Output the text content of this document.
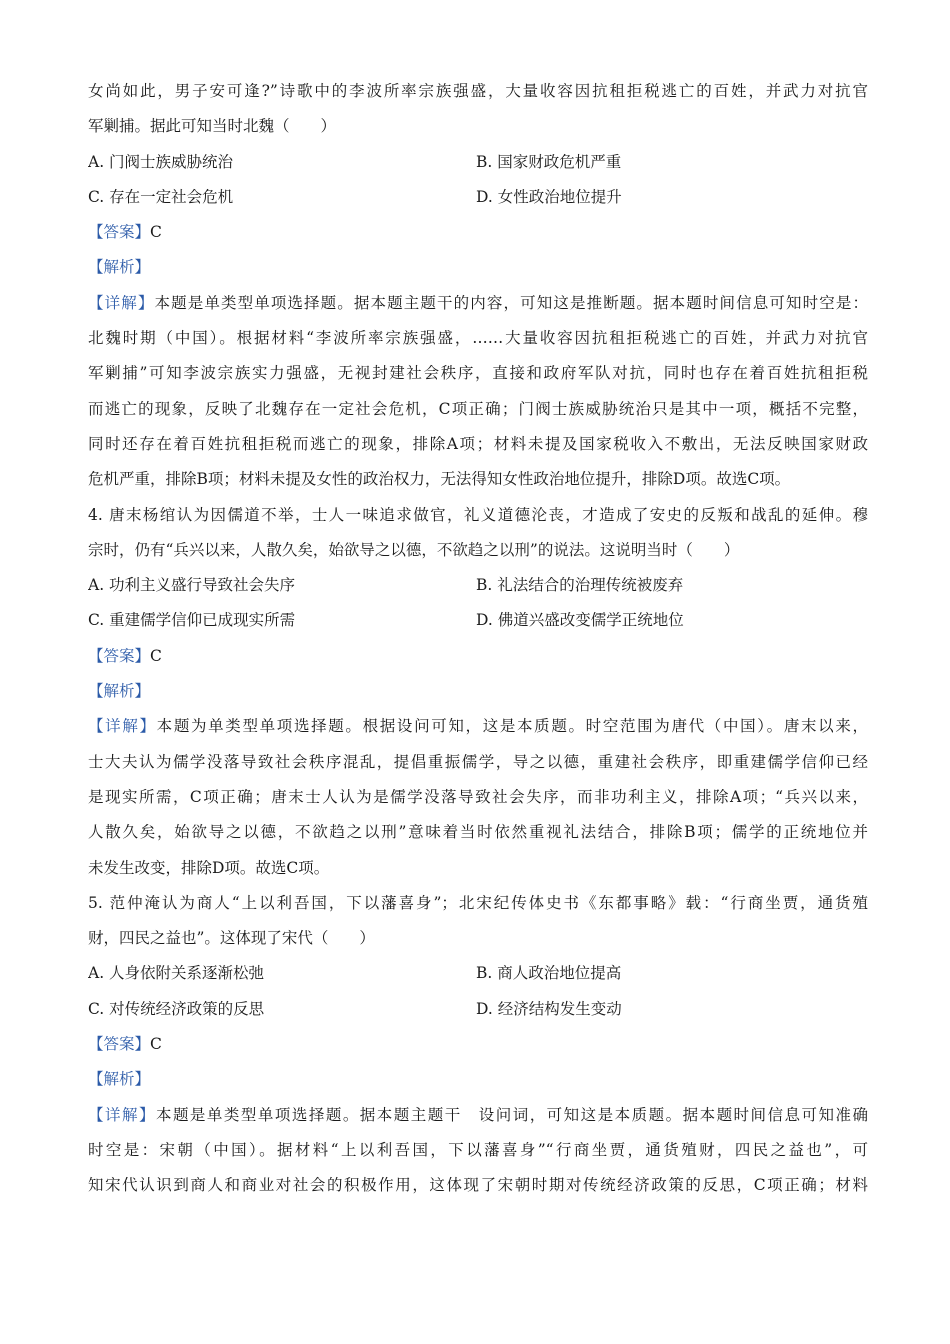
女尚如此，男子安可逢?”诗歌中的李波所率宗族强盛，大量收容因抗租拒税逃亡的百姓，并武力对抗官
军剿捕。据此可知当时北魏（　　）
A. 门阀士族威胁统治	B. 国家财政危机严重
C. 存在一定社会危机	D. 女性政治地位提升
【答案】C
【解析】
【详解】本题是单类型单项选择题。据本题主题干的内容，可知这是推断题。据本题时间信息可知时空是：
北魏时期（中国）。根据材料“李波所率宗族强盛，……大量收容因抗租拒税逃亡的百姓，并武力对抗官
军剿捕”可知李波宗族实力强盛，无视封建社会秩序，直接和政府军队对抗，同时也存在着百姓抗租拒税
而逃亡的现象，反映了北魏存在一定社会危机，C项正确；门阀士族威胁统治只是其中一项，概括不完整，
同时还存在着百姓抗租拒税而逃亡的现象，排除A项；材料未提及国家税收入不敷出，无法反映国家财政
危机严重，排除B项；材料未提及女性的政治权力，无法得知女性政治地位提升，排除D项。故选C项。
4. 唐末杨绾认为因儒道不举，士人一味追求做官，礼义道德沦丧，才造成了安史的反叛和战乱的延伸。穆
宗时，仍有“兵兴以来，人散久矣，始欲导之以德，不欲趋之以刑”的说法。这说明当时（　　）
A. 功利主义盛行导致社会失序	B. 礼法结合的治理传统被废弃
C. 重建儒学信仰已成现实所需	D. 佛道兴盛改变儒学正统地位
【答案】C
【解析】
【详解】本题为单类型单项选择题。根据设问可知，这是本质题。时空范围为唐代（中国）。唐末以来，
士大夫认为儒学没落导致社会秩序混乱，提倡重振儒学，导之以德，重建社会秩序，即重建儒学信仰已经
是现实所需，C项正确；唐末士人认为是儒学没落导致社会失序，而非功利主义，排除A项；“兵兴以来，
人散久矣，始欲导之以德，不欲趋之以刑”意味着当时依然重视礼法结合，排除B项；儒学的正统地位并
未发生改变，排除D项。故选C项。
5. 范仲淹认为商人“上以利吾国，下以藩喜身”；北宋纪传体史书《东都事略》载：“行商坐贾，通货殖
财，四民之益也”。这体现了宋代（　　）
A. 人身依附关系逐渐松弛	B. 商人政治地位提高
C. 对传统经济政策的反思	D. 经济结构发生变动
【答案】C
【解析】
【详解】本题是单类型单项选择题。据本题主题干　设问词，可知这是本质题。据本题时间信息可知准确
时空是：宋朝（中国）。据材料“上以利吾国，下以藩喜身”“行商坐贾，通货殖财，四民之益也”，可
知宋代认识到商人和商业对社会的积极作用，这体现了宋朝时期对传统经济政策的反思，C项正确；材料
